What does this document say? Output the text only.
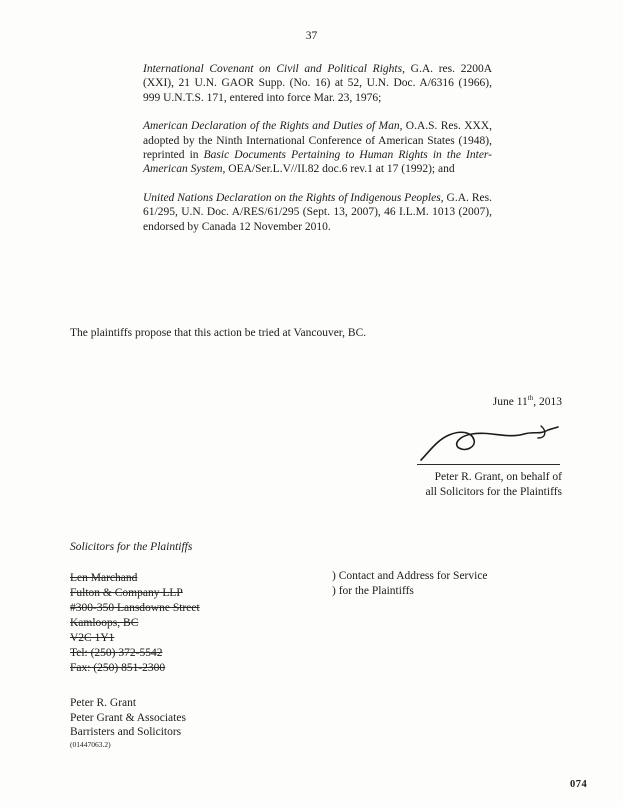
37

International Covenant on Civil and Political Rights, G.A. res. 2200A (XXI), 21 U.N. GAOR Supp. (No. 16) at 52, U.N. Doc. A/6316 (1966), 999 U.N.T.S. 171, entered into force Mar. 23, 1976;

American Declaration of the Rights and Duties of Man, O.A.S. Res. XXX, adopted by the Ninth International Conference of American States (1948), reprinted in Basic Documents Pertaining to Human Rights in the Inter-American System, OEA/Ser.L.V//II.82 doc.6 rev.1 at 17 (1992); and

United Nations Declaration on the Rights of Indigenous Peoples, G.A. Res. 61/295, U.N. Doc. A/RES/61/295 (Sept. 13, 2007), 46 I.L.M. 1013 (2007), endorsed by Canada 12 November 2010.

The plaintiffs propose that this action be tried at Vancouver, BC.

June 11th, 2013
Peter R. Grant, on behalf of
all Solicitors for the Plaintiffs
Solicitors for the Plaintiffs
Len Marchand
Fulton & Company LLP
#300-350 Lansdowne Street
Kamloops, BC
V2C 1Y1
Tel: (250) 372-5542
Fax: (250) 851-2300
) Contact and Address for Service
) for the Plaintiffs
Peter R. Grant
Peter Grant & Associates
Barristers and Solicitors
(01447063.2)
074
